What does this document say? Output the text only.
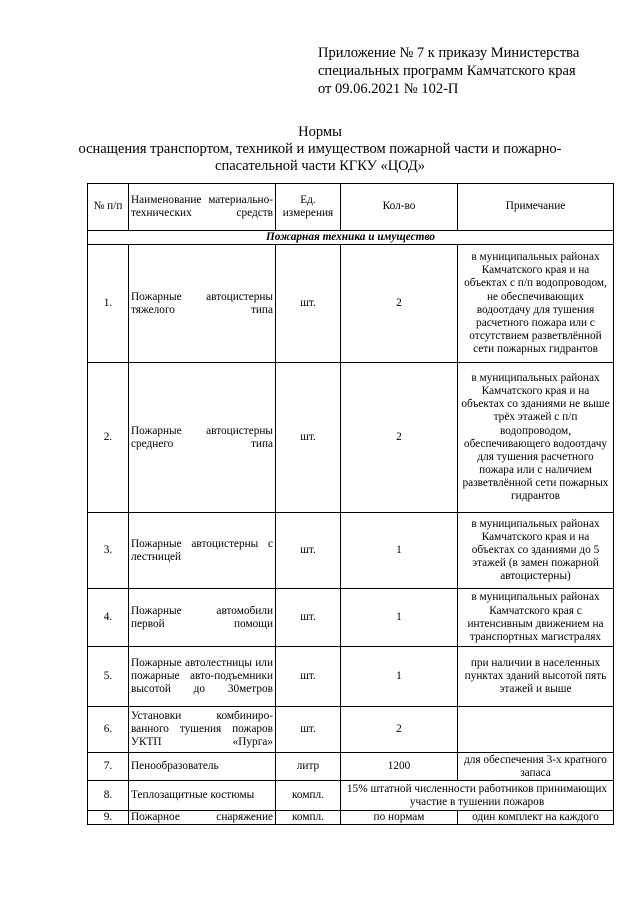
Приложение № 7 к приказу Министерства
специальных программ Камчатского края
от 09.06.2021 № 102-П
Нормы
оснащения транспортом, техникой и имуществом пожарной части и пожарно-
спасательной части КГКУ «ЦОД»
№ п/п	Наименование материально-технических средств	Ед. измерения	Кол-во	Примечание
Пожарная техника и имущество				
1.	Пожарные автоцистерны тяжелого типа	шт.	2	в муниципальных районах Камчатского края и на объектах с п/п водопроводом, не обеспечивающих водоотдачу для тушения расчетного пожара или с отсутствием разветвлённой сети пожарных гидрантов
2.	Пожарные автоцистерны среднего типа	шт.	2	в муниципальных районах Камчатского края и на объектах со зданиями не выше трёх этажей с п/п водопроводом, обеспечивающего водоотдачу для тушения расчетного пожара или с наличием разветвлённой сети пожарных гидрантов
3.	Пожарные автоцистерны с лестницей	шт.	1	в муниципальных районах Камчатского края и на объектах со зданиями до 5 этажей (в замен пожарной автоцистерны)
4.	Пожарные автомобили первой помощи	шт.	1	в муниципальных районах Камчатского края с интенсивным движением на транспортных магистралях
5.	Пожарные автолестницы или пожарные авто-подъемники высотой до 30метров	шт.	1	при наличии в населенных пунктах зданий высотой пять этажей и выше
6.	Установки комбиниро-ванного тушения пожаров УКТП «Пурга»	шт.	2	
7.	Пенообразователь	литр	1200	для обеспечения 3-х кратного запаса
8.	Теплозащитные костюмы	компл.	15% штатной численности работников принимающих участие в тушении пожаров	
9.	Пожарное снаряжение	компл.	по нормам	один комплект на каждого
